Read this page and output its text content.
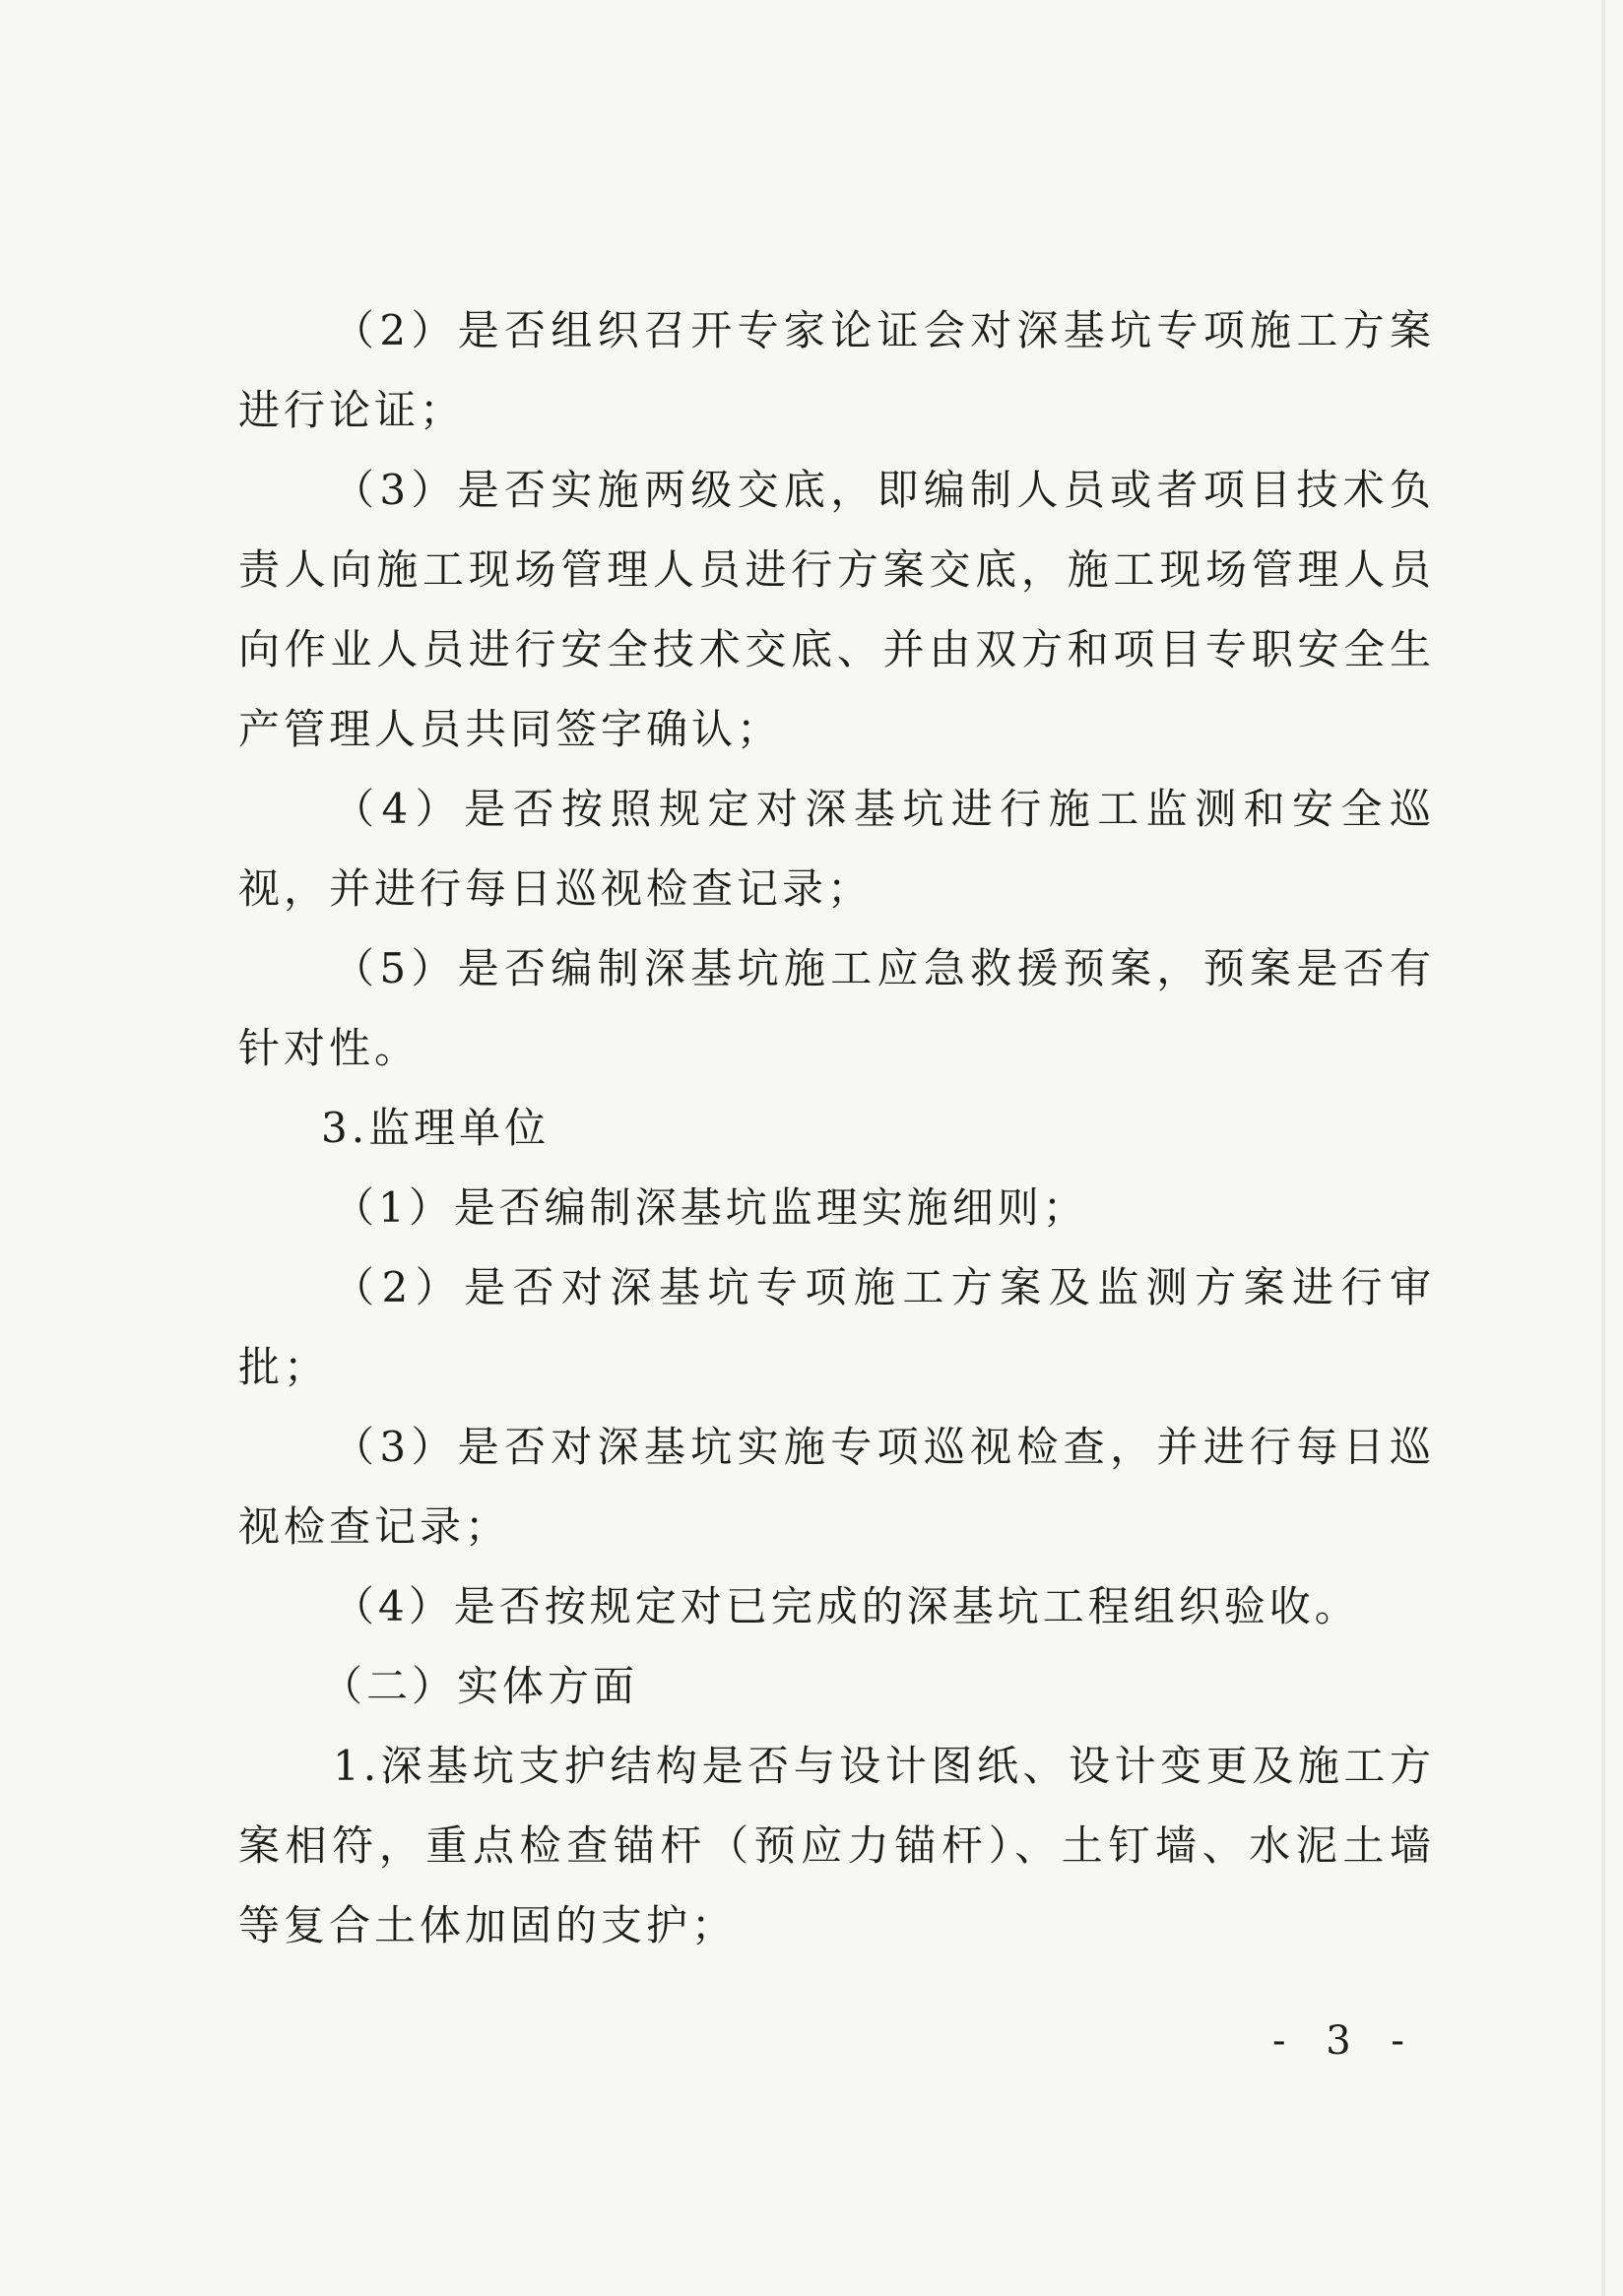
（2）是否组织召开专家论证会对深基坑专项施工方案进行论证；

（3）是否实施两级交底，即编制人员或者项目技术负责人向施工现场管理人员进行方案交底，施工现场管理人员向作业人员进行安全技术交底、并由双方和项目专职安全生产管理人员共同签字确认；

（4）是否按照规定对深基坑进行施工监测和安全巡视，并进行每日巡视检查记录；

（5）是否编制深基坑施工应急救援预案，预案是否有针对性。

3.监理单位

（1）是否编制深基坑监理实施细则；

（2）是否对深基坑专项施工方案及监测方案进行审批；

（3）是否对深基坑实施专项巡视检查，并进行每日巡视检查记录；

（4）是否按规定对已完成的深基坑工程组织验收。

（二）实体方面

1.深基坑支护结构是否与设计图纸、设计变更及施工方案相符，重点检查锚杆（预应力锚杆）、土钉墙、水泥土墙等复合土体加固的支护；

- 3 -
